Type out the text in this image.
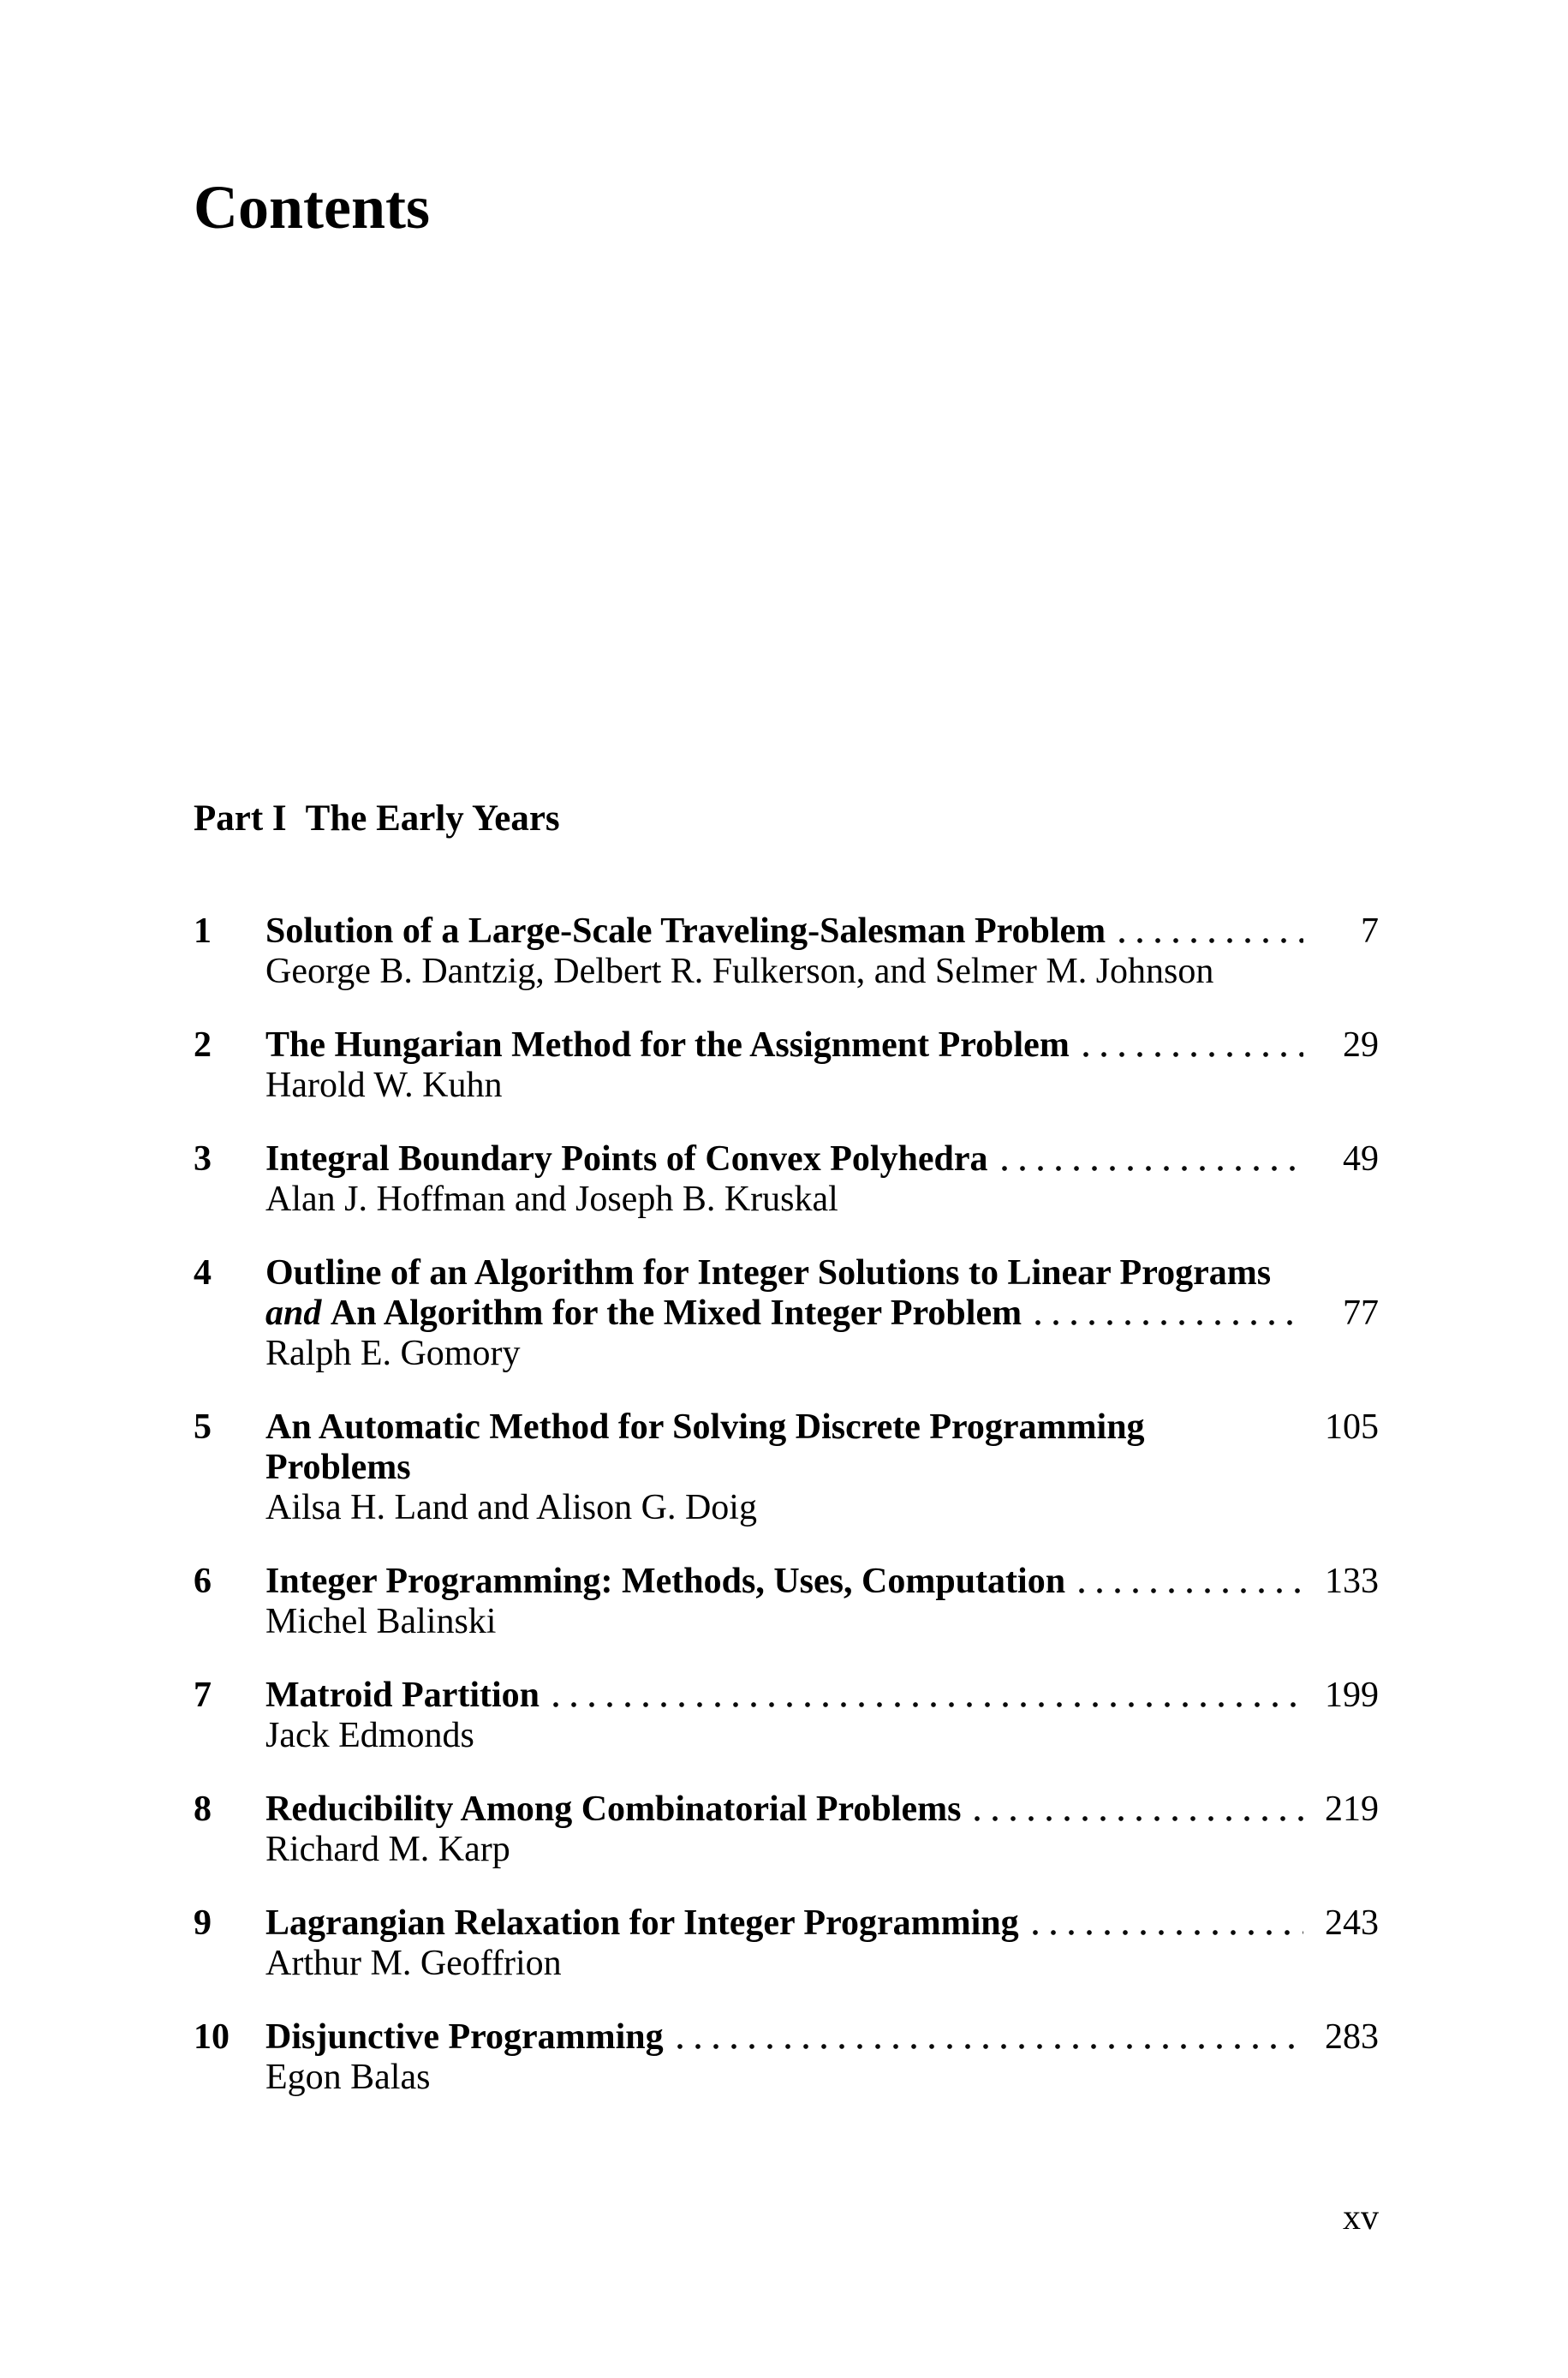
Contents
Part I The Early Years
1	Solution of a Large-Scale Traveling-Salesman Problem	7
George B. Dantzig, Delbert R. Fulkerson, and Selmer M. Johnson
2	The Hungarian Method for the Assignment Problem	29
Harold W. Kuhn
3	Integral Boundary Points of Convex Polyhedra	49
Alan J. Hoffman and Joseph B. Kruskal
4	Outline of an Algorithm for Integer Solutions to Linear Programs
and An Algorithm for the Mixed Integer Problem	77
Ralph E. Gomory
5	An Automatic Method for Solving Discrete Programming Problems
105
Ailsa H. Land and Alison G. Doig
6	Integer Programming: Methods, Uses, Computation	133
Michel Balinski
7	Matroid Partition	199
Jack Edmonds
8	Reducibility Among Combinatorial Problems	219
Richard M. Karp
9	Lagrangian Relaxation for Integer Programming	243
Arthur M. Geoffrion
10	Disjunctive Programming	283
Egon Balas
xv
